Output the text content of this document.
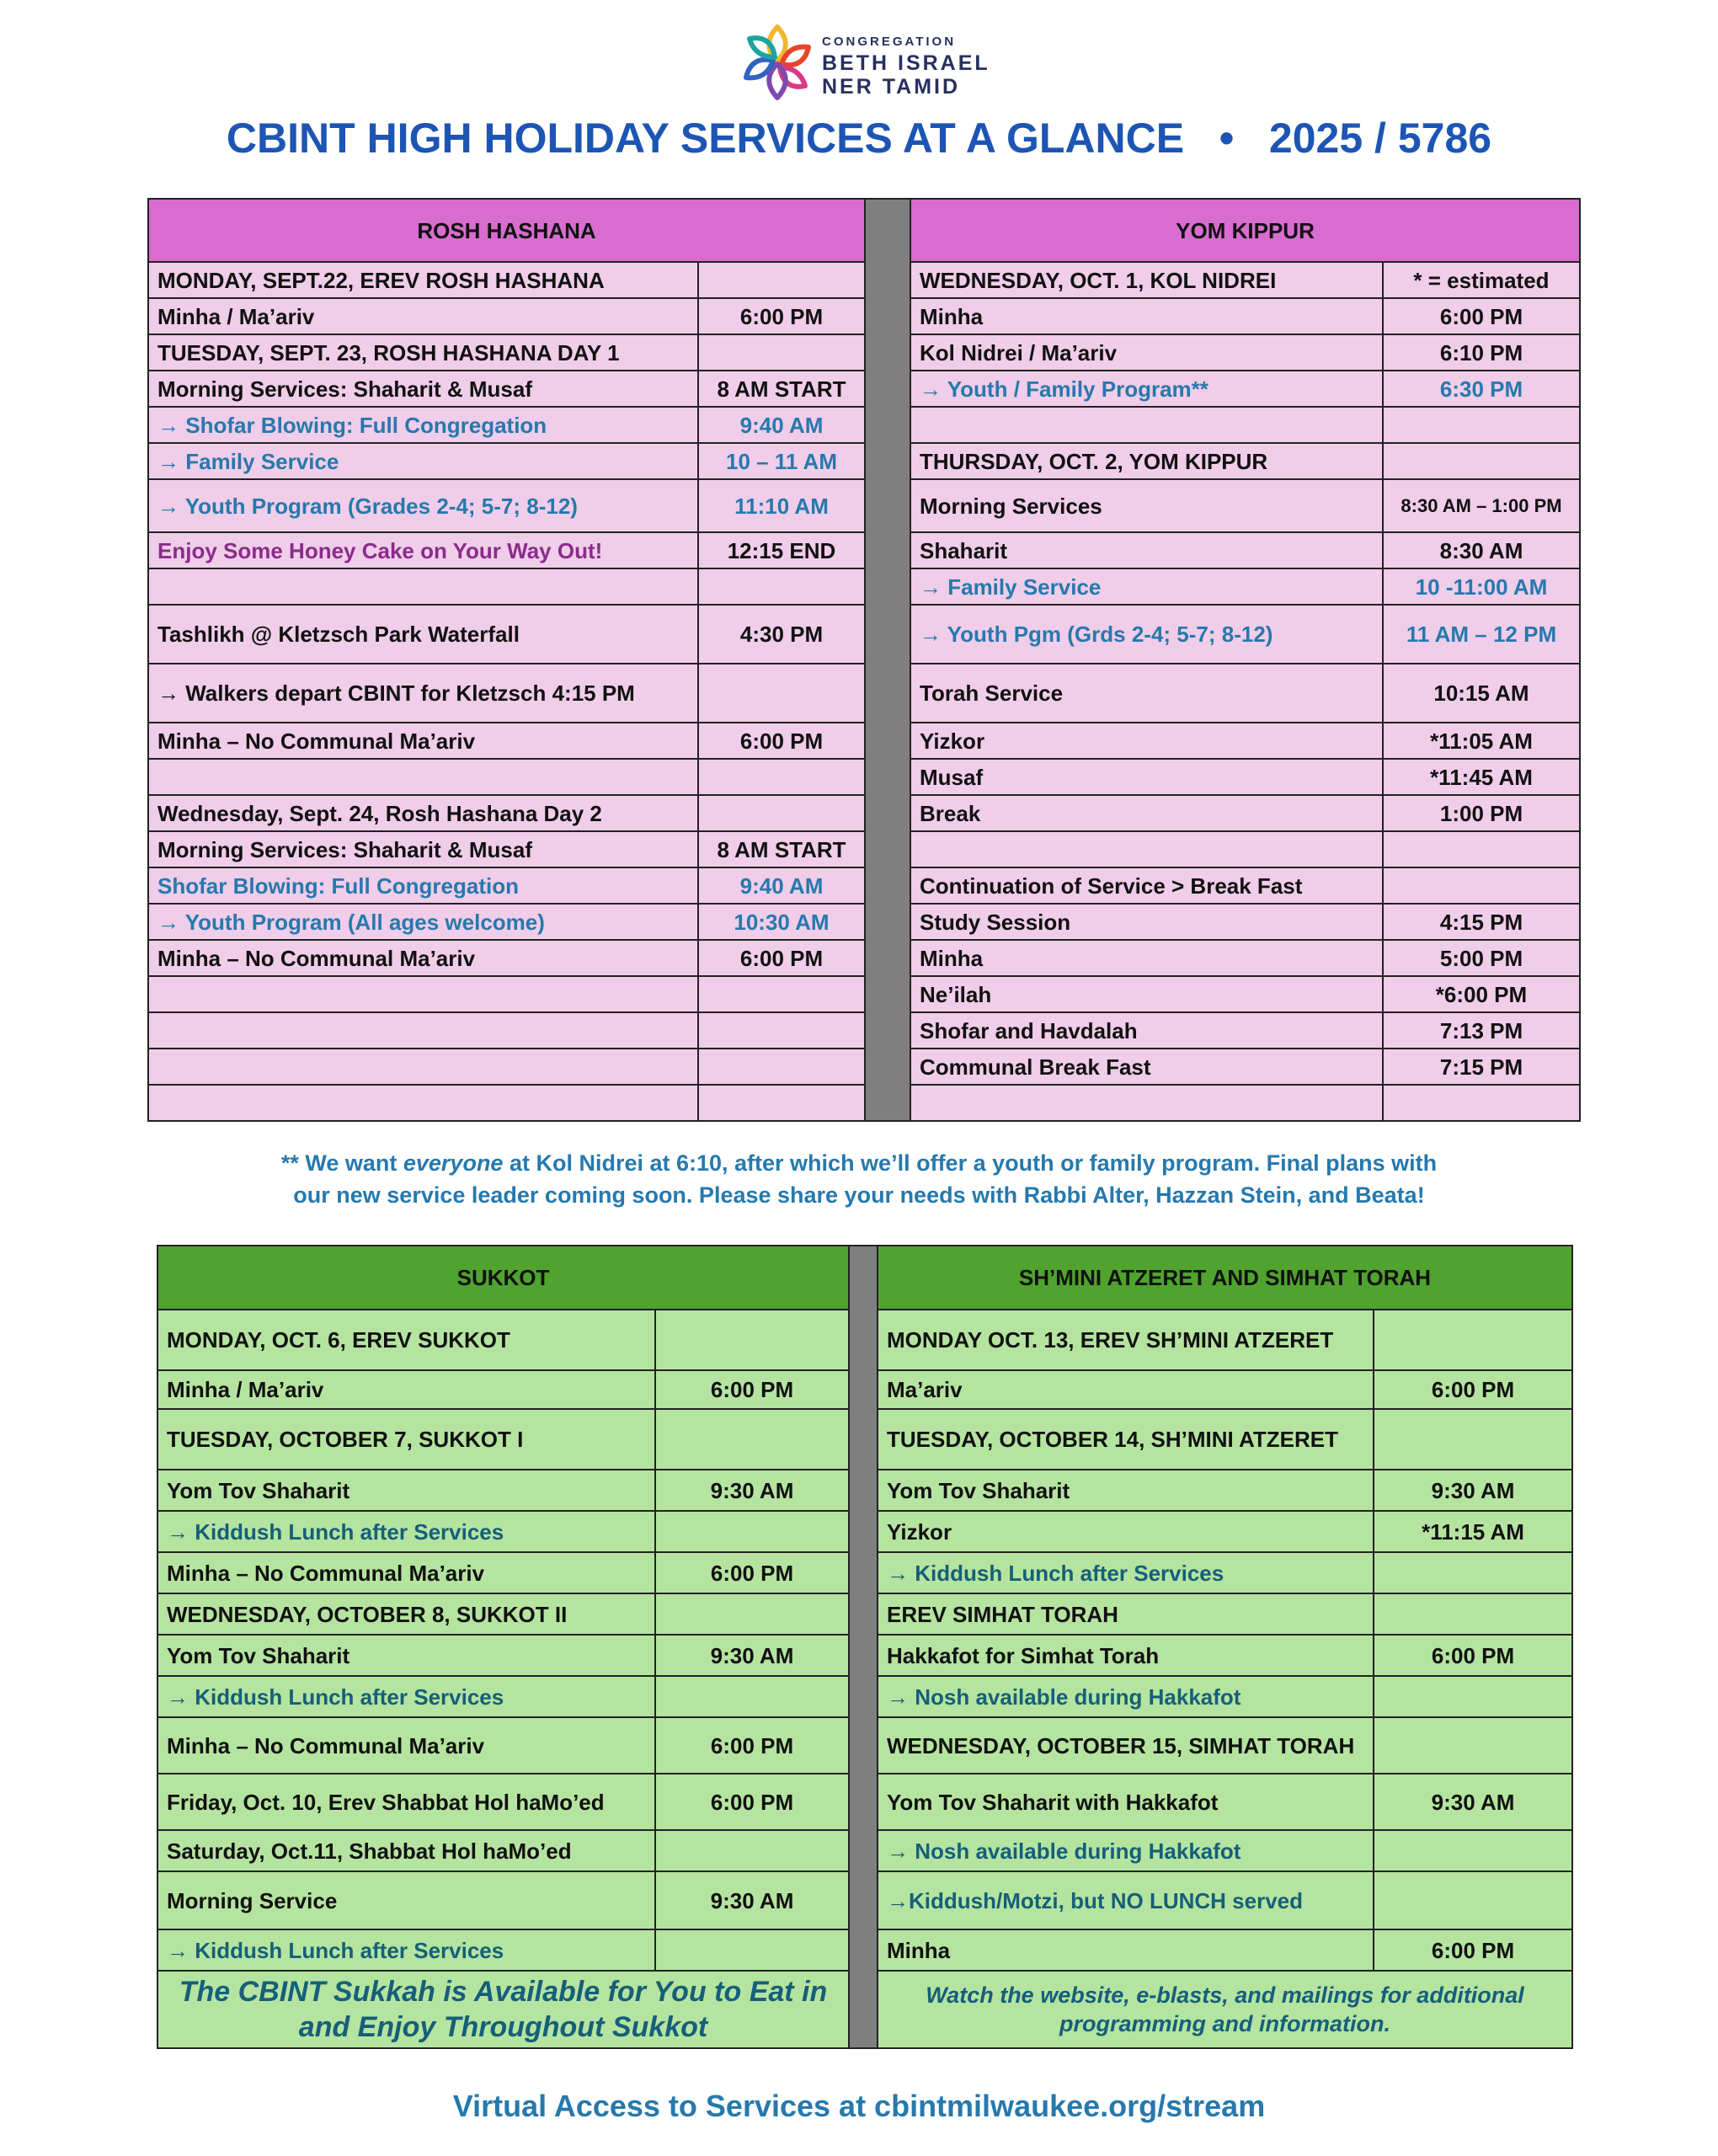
CONGREGATION
BETH ISRAEL
NER TAMID
CBINT HIGH HOLIDAY SERVICES AT A GLANCE   •   2025 / 5786
ROSH HASHANA			YOM KIPPUR	
MONDAY, SEPT.22, EREV ROSH HASHANA			WEDNESDAY, OCT. 1, KOL NIDREI	* = estimated
Minha / Ma’ariv	6:00 PM		Minha	6:00 PM
TUESDAY, SEPT. 23, ROSH HASHANA DAY 1			Kol Nidrei / Ma’ariv	6:10 PM
Morning Services: Shaharit & Musaf	8 AM START		→ Youth / Family Program**	6:30 PM
→ Shofar Blowing: Full Congregation	9:40 AM			
→ Family Service	10 – 11 AM		THURSDAY, OCT. 2, YOM KIPPUR	
→ Youth Program (Grades 2-4; 5-7; 8-12)	11:10 AM		Morning Services	8:30 AM – 1:00 PM
Enjoy Some Honey Cake on Your Way Out!	12:15 END		Shaharit	8:30 AM
			→ Family Service	10 -11:00 AM
Tashlikh @ Kletzsch Park Waterfall	4:30 PM		→ Youth Pgm (Grds 2-4; 5-7; 8-12)	11 AM – 12 PM
→ Walkers depart CBINT for Kletzsch 4:15 PM			Torah Service	10:15 AM
Minha – No Communal Ma’ariv	6:00 PM		Yizkor	*11:05 AM
			Musaf	*11:45 AM
Wednesday, Sept. 24, Rosh Hashana Day 2			Break	1:00 PM
Morning Services: Shaharit & Musaf	8 AM START			
Shofar Blowing: Full Congregation	9:40 AM		Continuation of Service > Break Fast	
→ Youth Program (All ages welcome)	10:30 AM		Study Session	4:15 PM
Minha – No Communal Ma’ariv	6:00 PM		Minha	5:00 PM
			Ne’ilah	*6:00 PM
			Shofar and Havdalah	7:13 PM
			Communal Break Fast	7:15 PM

** We want everyone at Kol Nidrei at 6:10, after which we’ll offer a youth or family program. Final plans with
our new service leader coming soon. Please share your needs with Rabbi Alter, Hazzan Stein, and Beata!
SUKKOT			SH’MINI ATZERET AND SIMHAT TORAH	
MONDAY, OCT. 6, EREV SUKKOT			MONDAY OCT. 13, EREV SH’MINI ATZERET	
Minha / Ma’ariv	6:00 PM		Ma’ariv	6:00 PM
TUESDAY, OCTOBER 7, SUKKOT I			TUESDAY, OCTOBER 14, SH’MINI ATZERET	
Yom Tov Shaharit	9:30 AM		Yom Tov Shaharit	9:30 AM
→ Kiddush Lunch after Services			Yizkor	*11:15 AM
Minha – No Communal Ma’ariv	6:00 PM		→ Kiddush Lunch after Services	
WEDNESDAY, OCTOBER 8, SUKKOT II			EREV SIMHAT TORAH	
Yom Tov Shaharit	9:30 AM		Hakkafot for Simhat Torah	6:00 PM
→ Kiddush Lunch after Services			→ Nosh available during Hakkafot	
Minha – No Communal Ma’ariv	6:00 PM		WEDNESDAY, OCTOBER 15, SIMHAT TORAH	
Friday, Oct. 10, Erev Shabbat Hol haMo’ed	6:00 PM		Yom Tov Shaharit with Hakkafot	9:30 AM
Saturday, Oct.11, Shabbat Hol haMo’ed			→ Nosh available during Hakkafot	
Morning Service	9:30 AM		→Kiddush/Motzi, but NO LUNCH served	
→ Kiddush Lunch after Services			Minha	6:00 PM
The CBINT Sukkah is Available for You to Eat in and Enjoy Throughout Sukkot			Watch the website, e-blasts, and mailings for additional programming and information.	
Virtual Access to Services at cbintmilwaukee.org/stream
